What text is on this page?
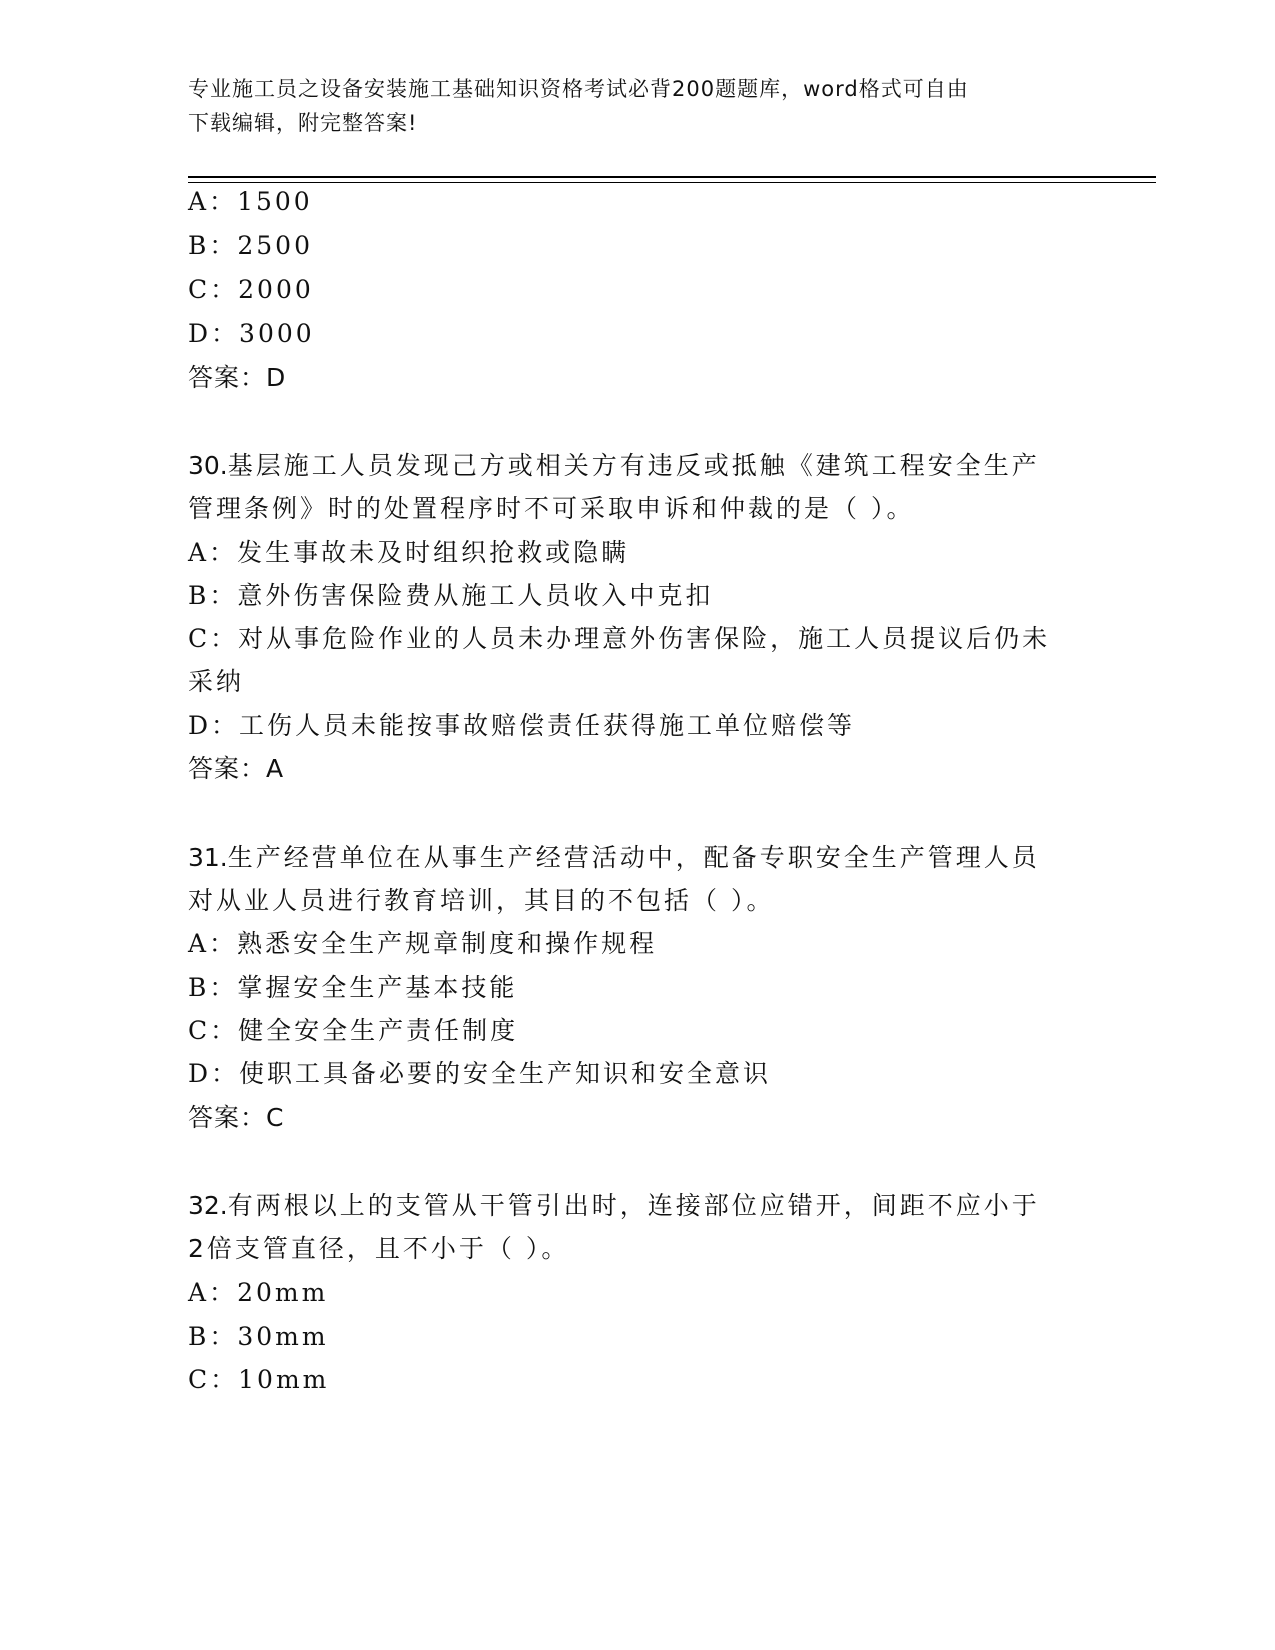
专业施工员之设备安装施工基础知识资格考试必背200题题库，word格式可自由
下载编辑，附完整答案!
A：1500
B：2500
C：2000
D：3000
答案：D
30.基层施工人员发现己方或相关方有违反或抵触《建筑工程安全生产
管理条例》时的处置程序时不可采取申诉和仲裁的是（ ）。
A：发生事故未及时组织抢救或隐瞒
B：意外伤害保险费从施工人员收入中克扣
C：对从事危险作业的人员未办理意外伤害保险，施工人员提议后仍未
采纳
D：工伤人员未能按事故赔偿责任获得施工单位赔偿等
答案：A
31.生产经营单位在从事生产经营活动中，配备专职安全生产管理人员
对从业人员进行教育培训，其目的不包括（ ）。
A：熟悉安全生产规章制度和操作规程
B：掌握安全生产基本技能
C：健全安全生产责任制度
D：使职工具备必要的安全生产知识和安全意识
答案：C
32.有两根以上的支管从干管引出时，连接部位应错开，间距不应小于
2倍支管直径，且不小于（ ）。
A：20mm
B：30mm
C：10mm
